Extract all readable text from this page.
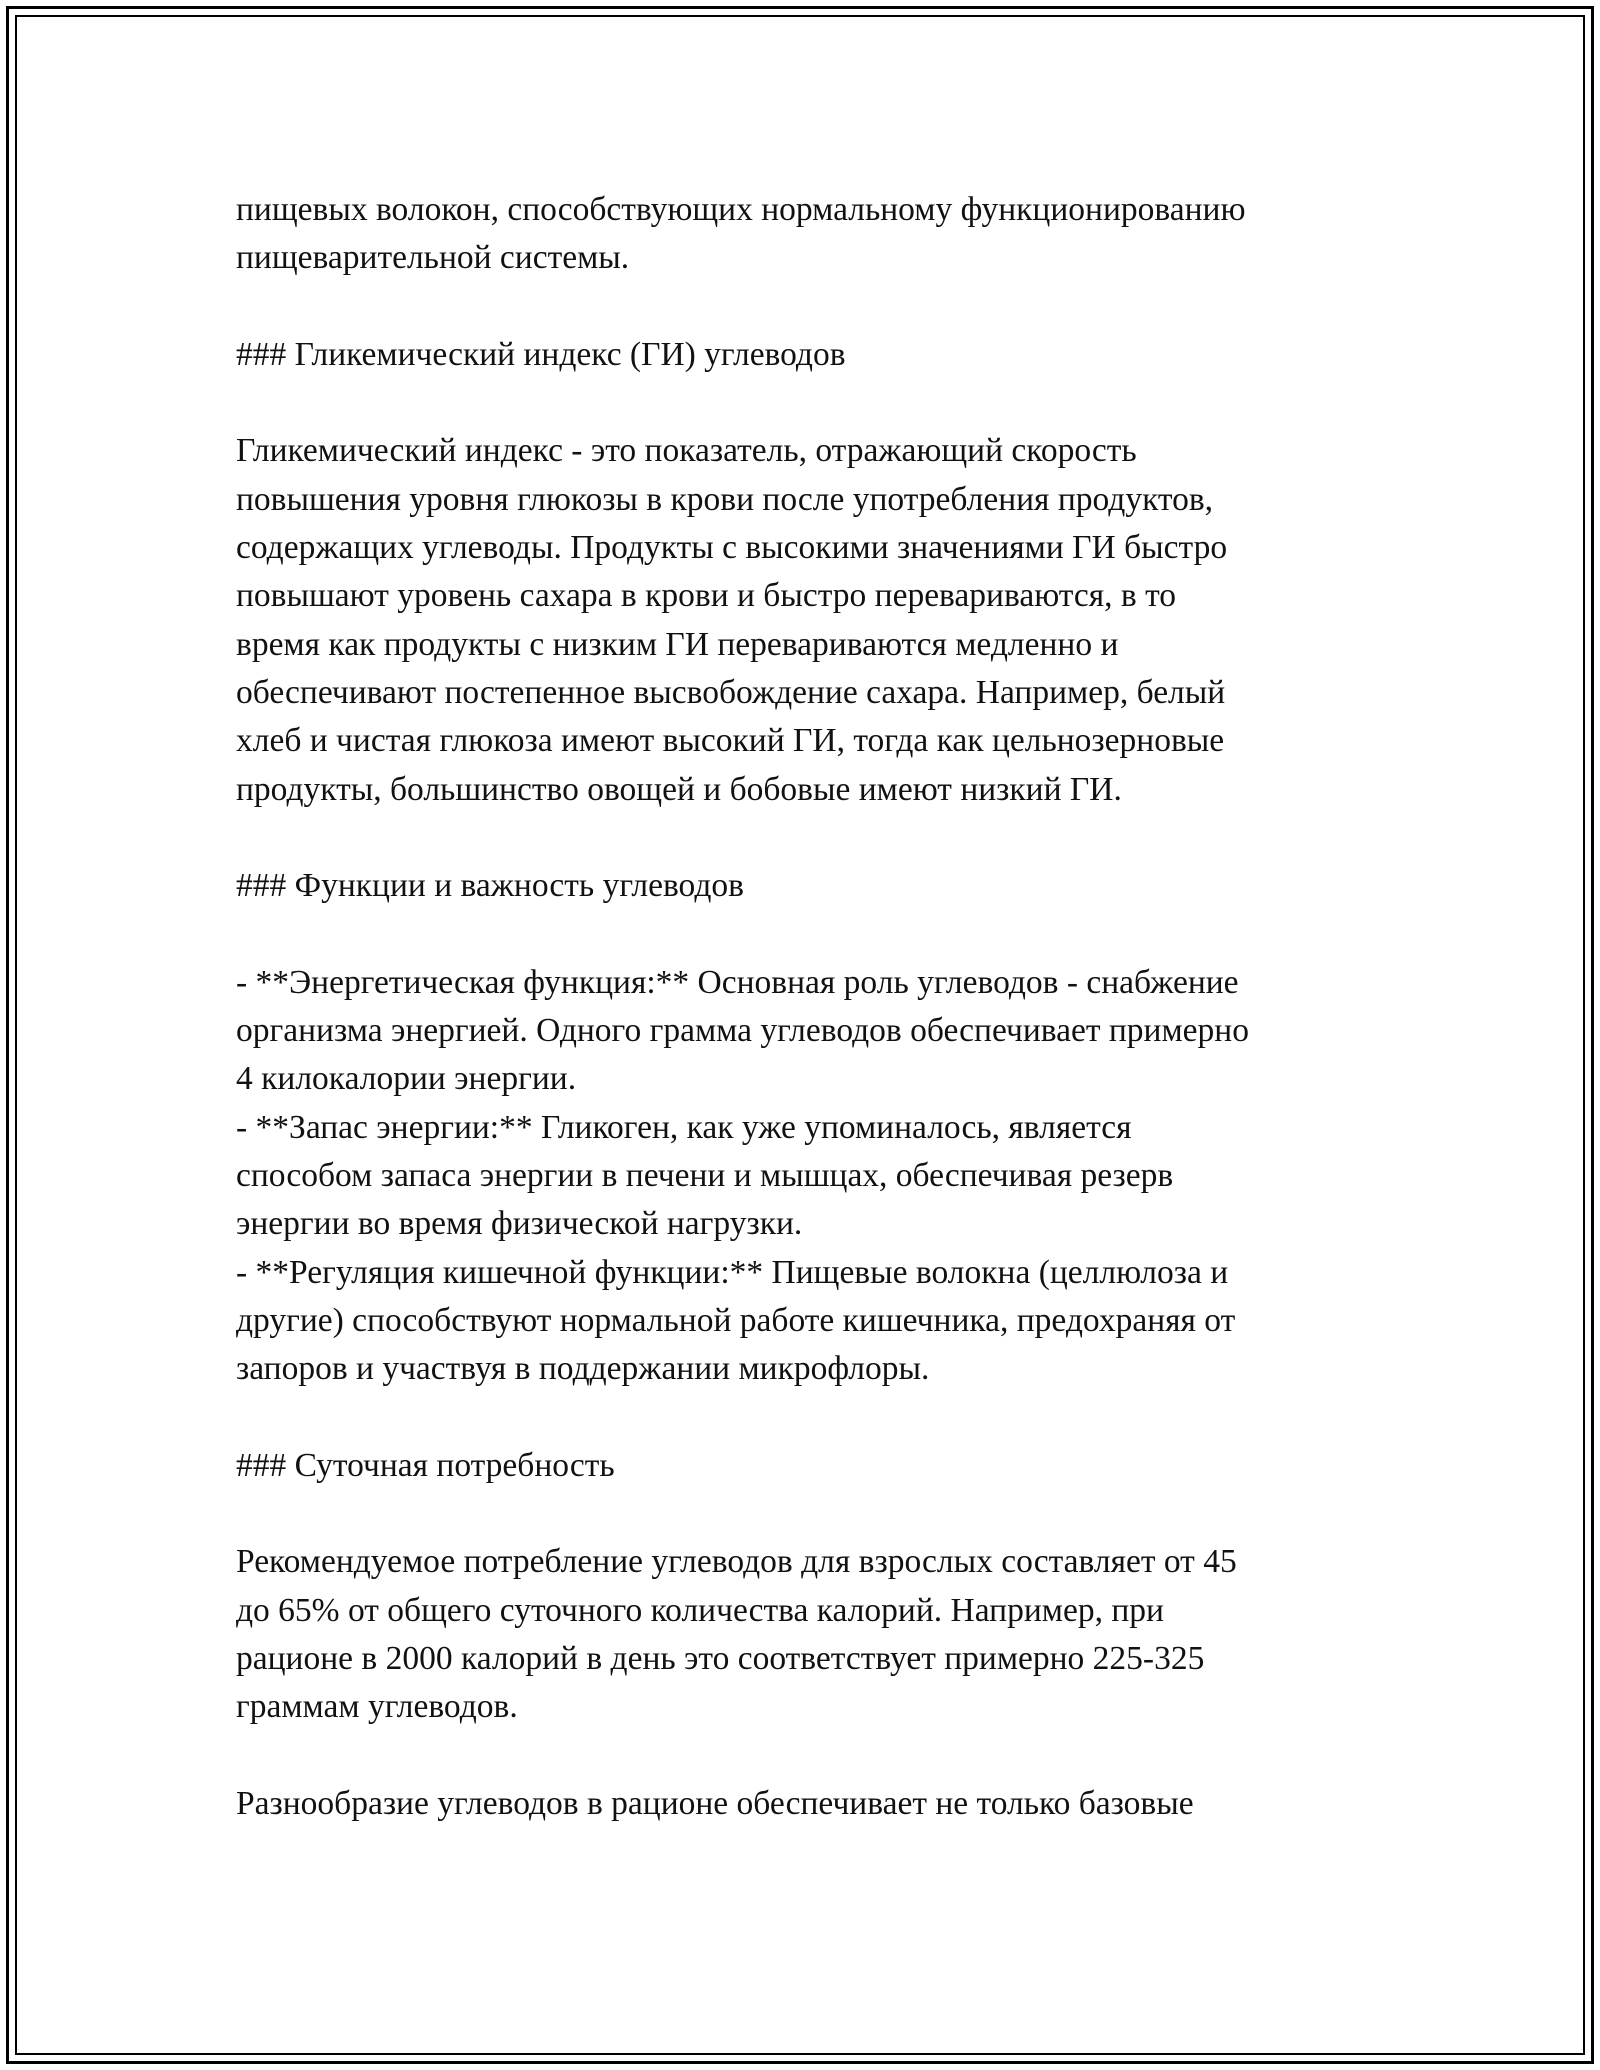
пищевых волокон, способствующих нормальному функционированию

пищеварительной системы.

### Гликемический индекс (ГИ) углеводов

Гликемический индекс - это показатель, отражающий скорость

повышения уровня глюкозы в крови после употребления продуктов,

содержащих углеводы. Продукты с высокими значениями ГИ быстро

повышают уровень сахара в крови и быстро перевариваются, в то

время как продукты с низким ГИ перевариваются медленно и

обеспечивают постепенное высвобождение сахара. Например, белый

хлеб и чистая глюкоза имеют высокий ГИ, тогда как цельнозерновые

продукты, большинство овощей и бобовые имеют низкий ГИ.

### Функции и важность углеводов

- **Энергетическая функция:** Основная роль углеводов - снабжение

организма энергией. Одного грамма углеводов обеспечивает примерно

4 килокалории энергии.

- **Запас энергии:** Гликоген, как уже упоминалось, является

способом запаса энергии в печени и мышцах, обеспечивая резерв

энергии во время физической нагрузки.

- **Регуляция кишечной функции:** Пищевые волокна (целлюлоза и

другие) способствуют нормальной работе кишечника, предохраняя от

запоров и участвуя в поддержании микрофлоры.

### Суточная потребность

Рекомендуемое потребление углеводов для взрослых составляет от 45

до 65% от общего суточного количества калорий. Например, при

рационе в 2000 калорий в день это соответствует примерно 225-325

граммам углеводов.

Разнообразие углеводов в рационе обеспечивает не только базовые
